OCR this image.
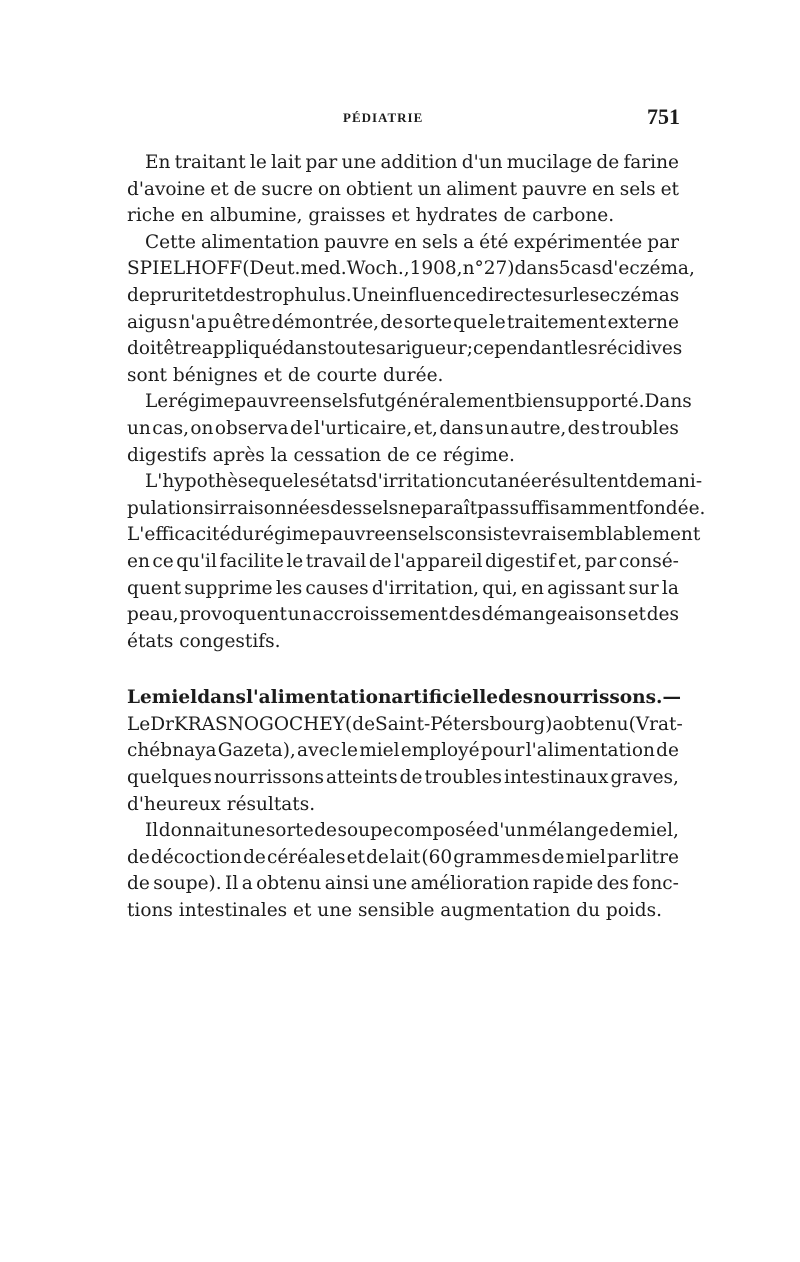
PÉDIATRIE	751
En traitant le lait par une addition d'un mucilage de farine
d'avoine et de sucre on obtient un aliment pauvre en sels et
riche en albumine, graisses et hydrates de carbone.
Cette alimentation pauvre en sels a été expérimentée par
SPIELHOFF (Deut. med. Woch., 1908, n° 27) dans 5 cas d'eczéma,
de prurit et de strophulus. Une influence directe sur les eczémas
aigus n'a pu être démontrée, de sorte que le traitement externe
doit être appliqué dans toute sa rigueur ; cependant les récidives
sont bénignes et de courte durée.
Le régime pauvre en sels fut généralement bien supporté. Dans
un cas, on observa de l'urticaire, et, dans un autre, des troubles
digestifs après la cessation de ce régime.
L'hypothèse que les états d'irritation cutanée résultent de mani-
pulations irraisonnées des sels ne paraît pas suffisamment fondée.
L'efficacité du régime pauvre en sels consiste vraisemblablement
en ce qu'il facilite le travail de l'appareil digestif et, par consé-
quent supprime les causes d'irritation, qui, en agissant sur la
peau, provoquent un accroissement des démangeaisons et des
états congestifs.
Le miel dans l'alimentation artificielle des nourrissons. —
Le Dr KRASNOGOCHEY (de Saint-Pétersbourg) a obtenu (Vrat-
chébnaya Gazeta), avec le miel employé pour l'alimentation de
quelques nourrissons atteints de troubles intestinaux graves,
d'heureux résultats.
Il donnait une sorte de soupe composée d'un mélange de miel,
de décoction de céréales et de lait (60 grammes de miel par litre
de soupe). Il a obtenu ainsi une amélioration rapide des fonc-
tions intestinales et une sensible augmentation du poids.
